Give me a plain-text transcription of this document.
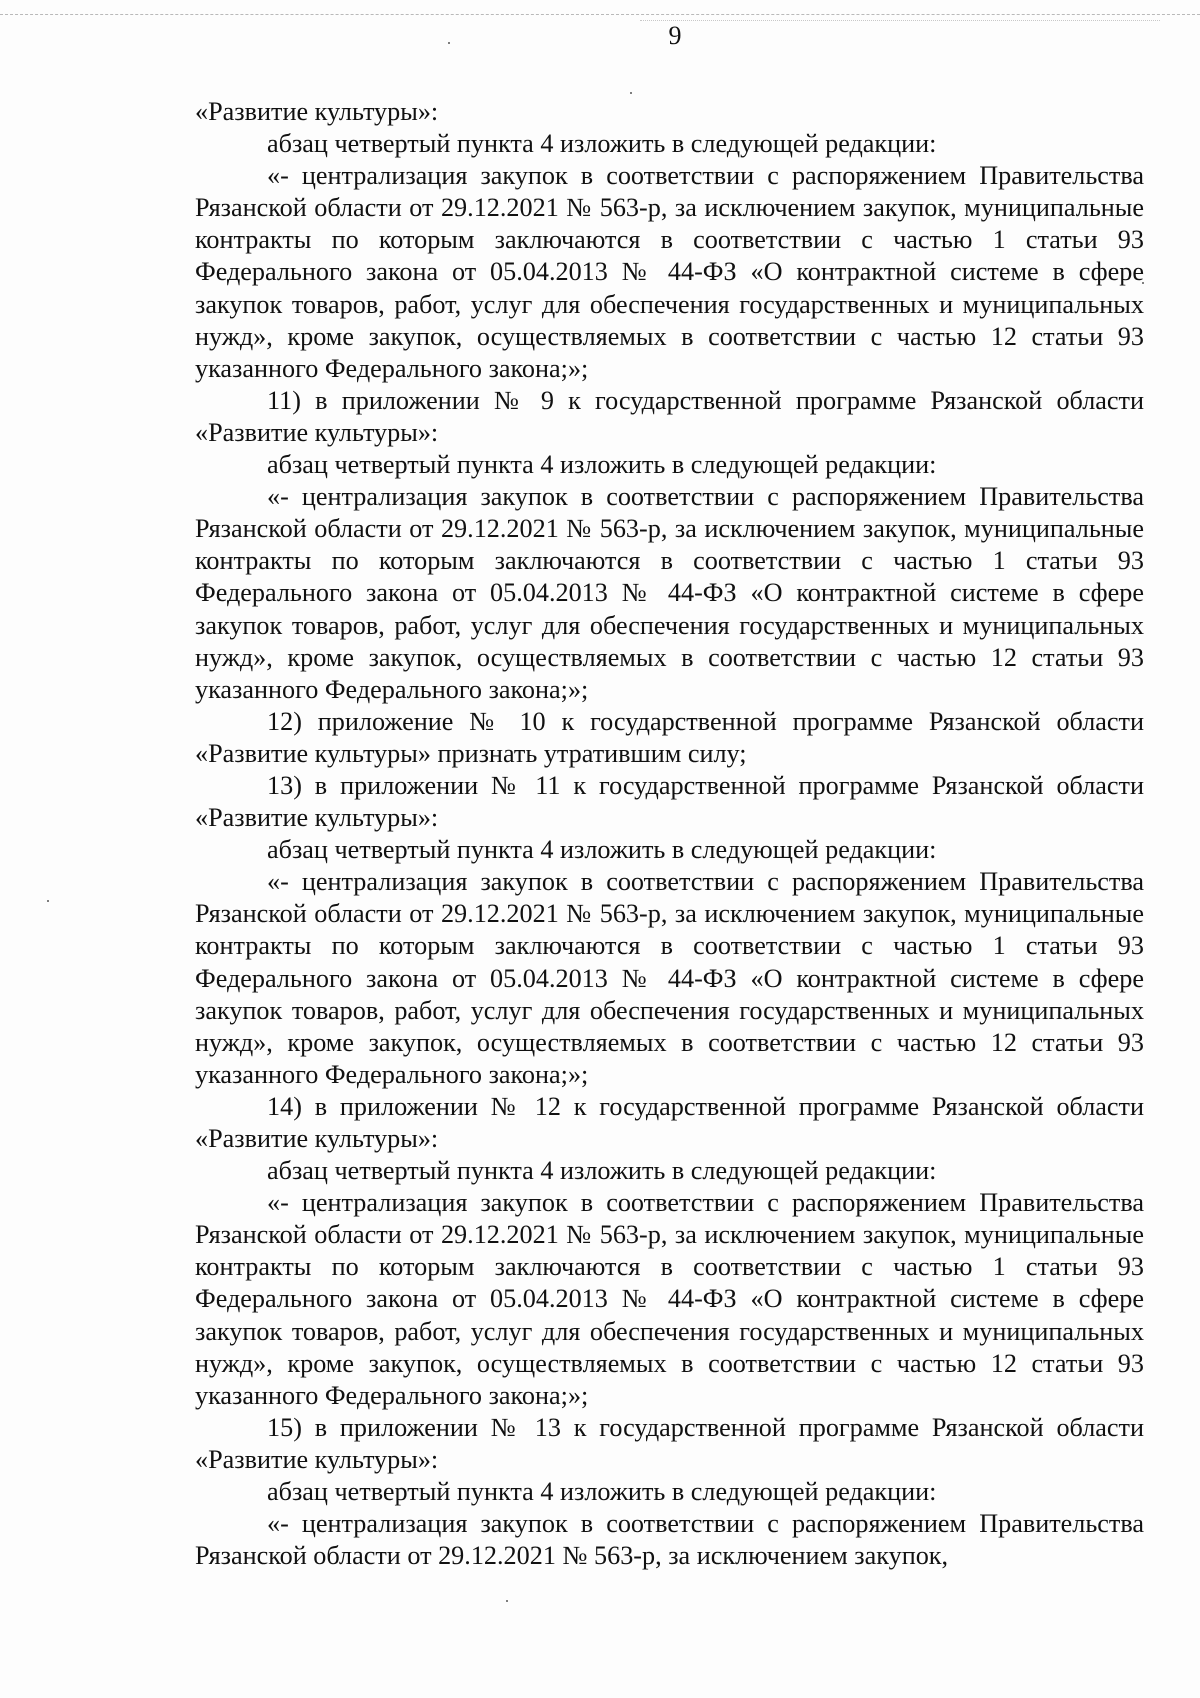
9

«Развитие культуры»:

абзац четвертый пункта 4 изложить в следующей редакции:

«- централизация закупок в соответствии с распоряжением Правительства Рязанской области от 29.12.2021 № 563-р, за исключением закупок, муниципальные контракты по которым заключаются в соответствии с частью 1 статьи 93 Федерального закона от 05.04.2013 № 44-ФЗ «О контрактной системе в сфере закупок товаров, работ, услуг для обеспечения государственных и муниципальных нужд», кроме закупок, осуществляемых в соответствии с частью 12 статьи 93 указанного Федерального закона;»;

11) в приложении № 9 к государственной программе Рязанской области «Развитие культуры»:

абзац четвертый пункта 4 изложить в следующей редакции:

«- централизация закупок в соответствии с распоряжением Правительства Рязанской области от 29.12.2021 № 563-р, за исключением закупок, муниципальные контракты по которым заключаются в соответствии с частью 1 статьи 93 Федерального закона от 05.04.2013 № 44-ФЗ «О контрактной системе в сфере закупок товаров, работ, услуг для обеспечения государственных и муниципальных нужд», кроме закупок, осуществляемых в соответствии с частью 12 статьи 93 указанного Федерального закона;»;

12) приложение № 10 к государственной программе Рязанской области «Развитие культуры» признать утратившим силу;

13) в приложении № 11 к государственной программе Рязанской области «Развитие культуры»:

абзац четвертый пункта 4 изложить в следующей редакции:

«- централизация закупок в соответствии с распоряжением Правительства Рязанской области от 29.12.2021 № 563-р, за исключением закупок, муниципальные контракты по которым заключаются в соответствии с частью 1 статьи 93 Федерального закона от 05.04.2013 № 44-ФЗ «О контрактной системе в сфере закупок товаров, работ, услуг для обеспечения государственных и муниципальных нужд», кроме закупок, осуществляемых в соответствии с частью 12 статьи 93 указанного Федерального закона;»;

14) в приложении № 12 к государственной программе Рязанской области «Развитие культуры»:

абзац четвертый пункта 4 изложить в следующей редакции:

«- централизация закупок в соответствии с распоряжением Правительства Рязанской области от 29.12.2021 № 563-р, за исключением закупок, муниципальные контракты по которым заключаются в соответствии с частью 1 статьи 93 Федерального закона от 05.04.2013 № 44-ФЗ «О контрактной системе в сфере закупок товаров, работ, услуг для обеспечения государственных и муниципальных нужд», кроме закупок, осуществляемых в соответствии с частью 12 статьи 93 указанного Федерального закона;»;

15) в приложении № 13 к государственной программе Рязанской области «Развитие культуры»:

абзац четвертый пункта 4 изложить в следующей редакции:

«- централизация закупок в соответствии с распоряжением Правительства Рязанской области от 29.12.2021 № 563-р, за исключением закупок,
